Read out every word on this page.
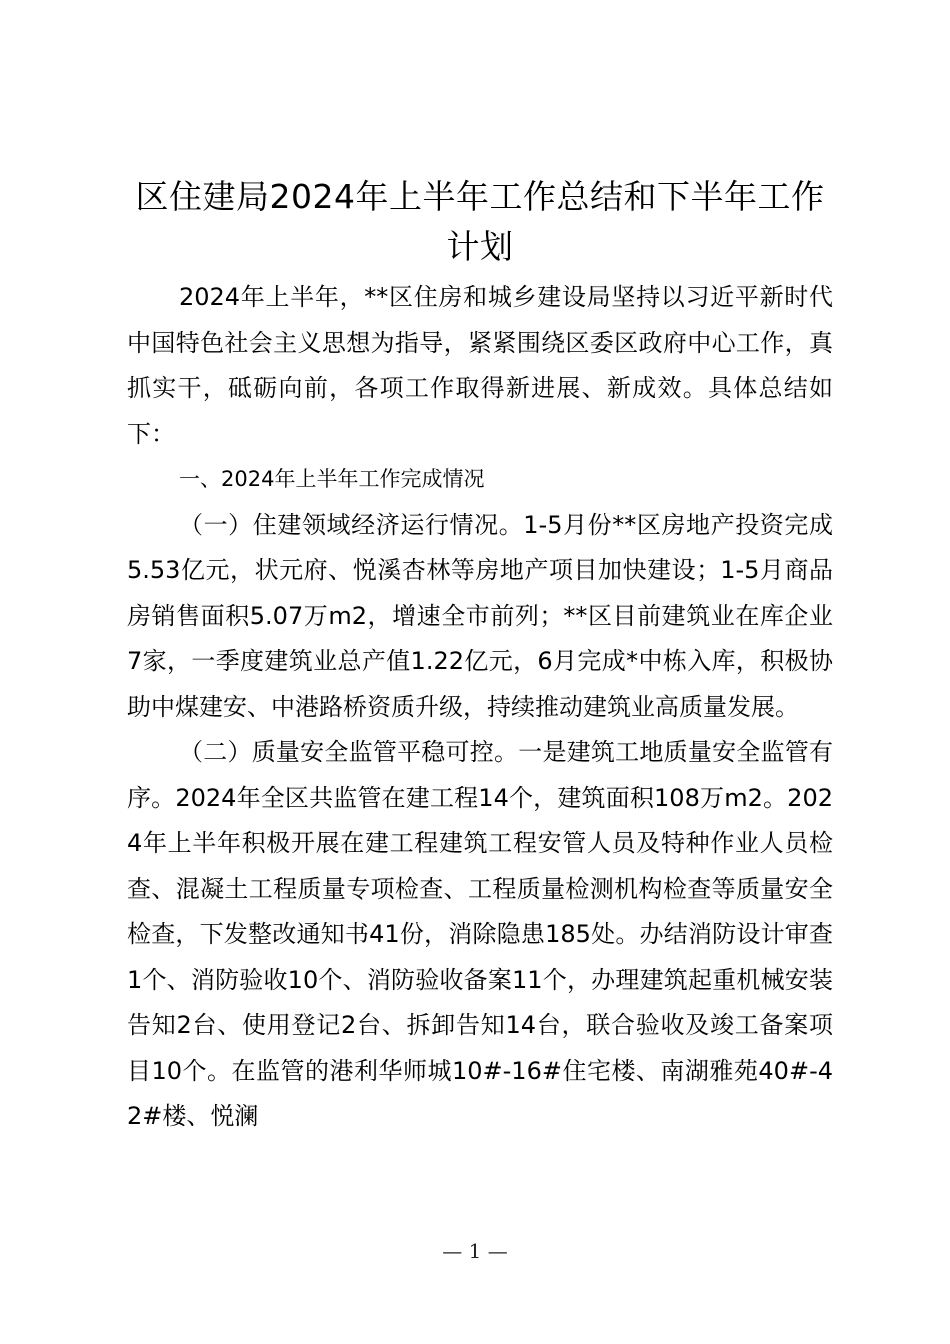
区住建局2024年上半年工作总结和下半年工作计划

2024年上半年，**区住房和城乡建设局坚持以习近平新时代中国特色社会主义思想为指导，紧紧围绕区委区政府中心工作，真抓实干，砥砺向前，各项工作取得新进展、新成效。具体总结如下：

一、2024年上半年工作完成情况

（一）住建领域经济运行情况。1-5月份**区房地产投资完成5.53亿元，状元府、悦溪杏林等房地产项目加快建设；1-5月商品房销售面积5.07万m2，增速全市前列；**区目前建筑业在库企业7家，一季度建筑业总产值1.22亿元，6月完成*中栋入库，积极协助中煤建安、中港路桥资质升级，持续推动建筑业高质量发展。

（二）质量安全监管平稳可控。一是建筑工地质量安全监管有序。2024年全区共监管在建工程14个，建筑面积108万m2。2024年上半年积极开展在建工程建筑工程安管人员及特种作业人员检查、混凝土工程质量专项检查、工程质量检测机构检查等质量安全检查，下发整改通知书41份，消除隐患185处。办结消防设计审查1个、消防验收10个、消防验收备案11个，办理建筑起重机械安装告知2台、使用登记2台、拆卸告知14台，联合验收及竣工备案项目10个。在监管的港利华师城10#-16#住宅楼、南湖雅苑40#-42#楼、悦澜

— 1 —
